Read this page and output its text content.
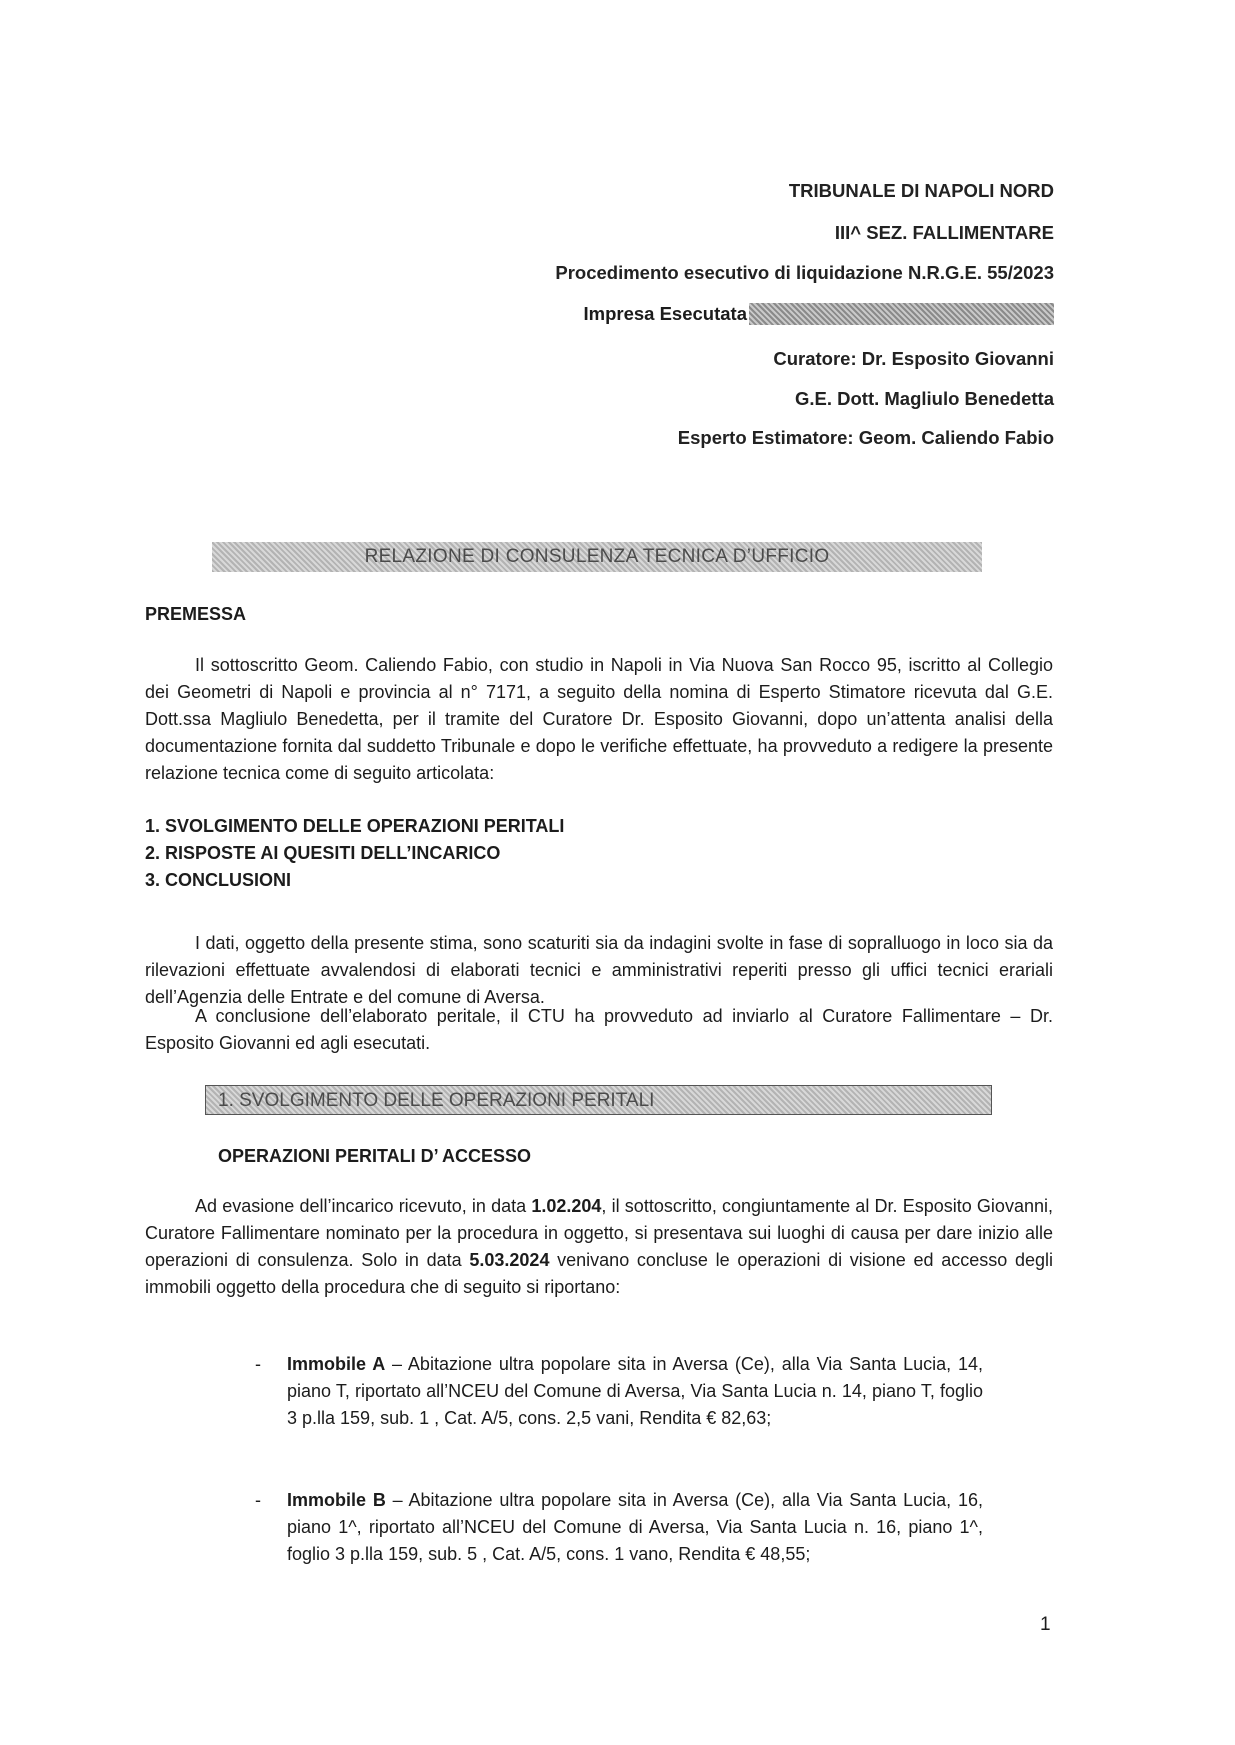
TRIBUNALE DI NAPOLI NORD
III^ SEZ. FALLIMENTARE
Procedimento esecutivo di liquidazione N.R.G.E. 55/2023
Impresa Esecutata
Curatore: Dr. Esposito Giovanni
G.E. Dott. Magliulo Benedetta
Esperto Estimatore: Geom. Caliendo Fabio
RELAZIONE DI CONSULENZA TECNICA D’UFFICIO
PREMESSA

Il sottoscritto Geom. Caliendo Fabio, con studio in Napoli in Via Nuova San Rocco 95, iscritto al Collegio dei Geometri di Napoli e provincia al n° 7171, a seguito della nomina di Esperto Stimatore ricevuta dal G.E. Dott.ssa Magliulo Benedetta, per il tramite del Curatore Dr. Esposito Giovanni, dopo un’attenta analisi della documentazione fornita dal suddetto Tribunale e dopo le verifiche effettuate, ha provveduto a redigere la presente relazione tecnica come di seguito articolata:

1. SVOLGIMENTO DELLE OPERAZIONI PERITALI
2. RISPOSTE AI QUESITI DELL’INCARICO
3. CONCLUSIONI

I dati, oggetto della presente stima, sono scaturiti sia da indagini svolte in fase di sopralluogo in loco sia da rilevazioni effettuate avvalendosi di elaborati tecnici e amministrativi reperiti presso gli uffici tecnici erariali dell’Agenzia delle Entrate e del comune di Aversa.

A conclusione dell’elaborato peritale, il CTU ha provveduto ad inviarlo al Curatore Fallimentare – Dr. Esposito Giovanni ed agli esecutati.

1. SVOLGIMENTO DELLE OPERAZIONI PERITALI
OPERAZIONI PERITALI D’ ACCESSO

Ad evasione dell’incarico ricevuto, in data 1.02.204, il sottoscritto, congiuntamente al Dr. Esposito Giovanni, Curatore Fallimentare nominato per la procedura in oggetto, si presentava sui luoghi di causa per dare inizio alle operazioni di consulenza. Solo in data 5.03.2024 venivano concluse le operazioni di visione ed accesso degli immobili oggetto della procedura che di seguito si riportano:

-	Immobile A – Abitazione ultra popolare sita in Aversa (Ce), alla Via Santa Lucia, 14, piano T, riportato all’NCEU del Comune di Aversa, Via Santa Lucia n. 14, piano T, foglio 3 p.lla 159, sub. 1 , Cat. A/5, cons. 2,5 vani, Rendita € 82,63;
-	Immobile B – Abitazione ultra popolare sita in Aversa (Ce), alla Via Santa Lucia, 16, piano 1^, riportato all’NCEU del Comune di Aversa, Via Santa Lucia n. 16, piano 1^, foglio 3 p.lla 159, sub. 5 , Cat. A/5, cons. 1 vano, Rendita € 48,55;
1
